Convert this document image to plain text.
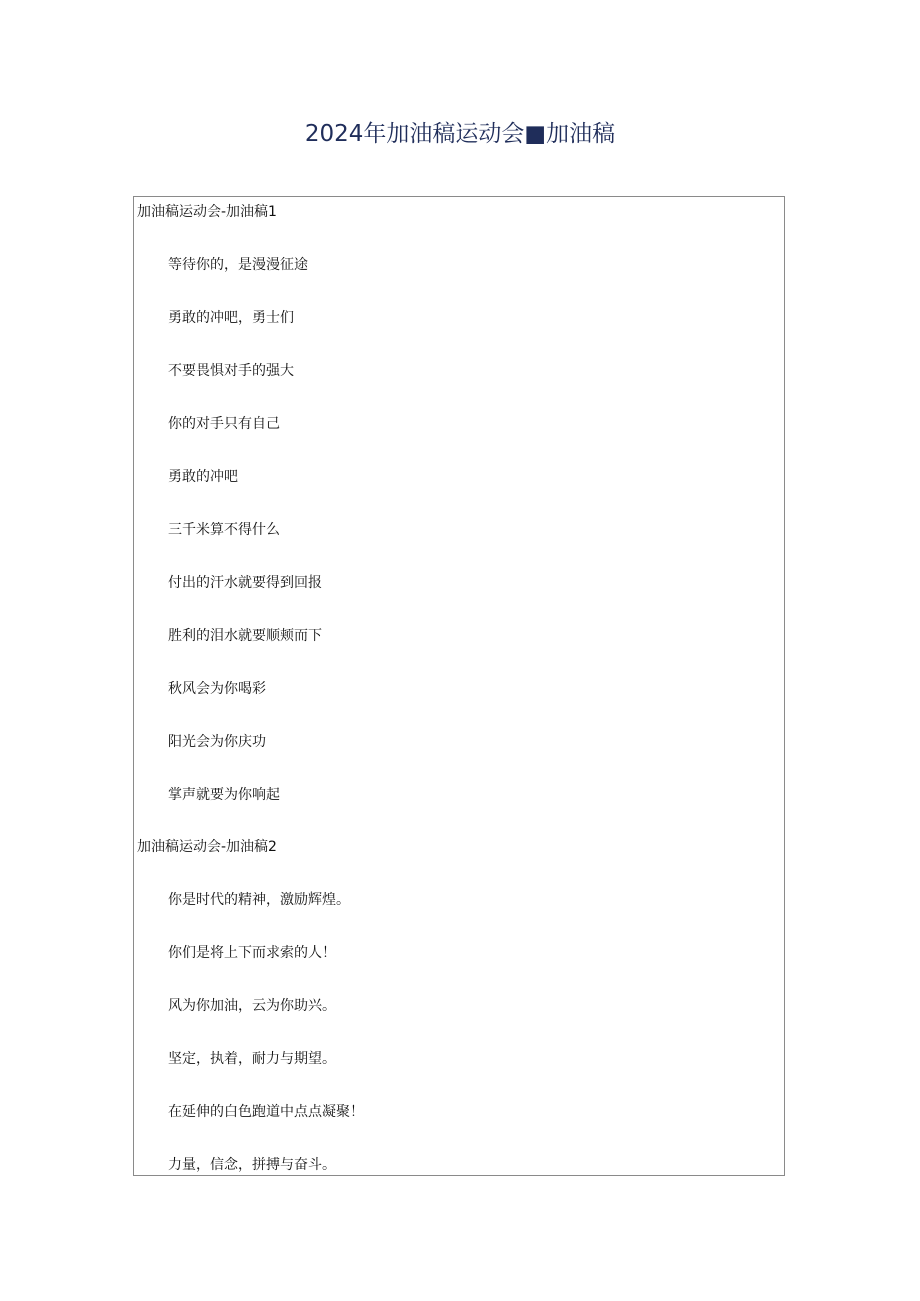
2024年加油稿运动会■加油稿
加油稿运动会-加油稿1
等待你的，是漫漫征途
勇敢的冲吧，勇士们
不要畏惧对手的强大
你的对手只有自己
勇敢的冲吧
三千米算不得什么
付出的汗水就要得到回报
胜利的泪水就要顺颊而下
秋风会为你喝彩
阳光会为你庆功
掌声就要为你响起
加油稿运动会-加油稿2
你是时代的精神，激励辉煌。
你们是将上下而求索的人！
风为你加油，云为你助兴。
坚定，执着，耐力与期望。
在延伸的白色跑道中点点凝聚！
力量，信念，拼搏与奋斗。
